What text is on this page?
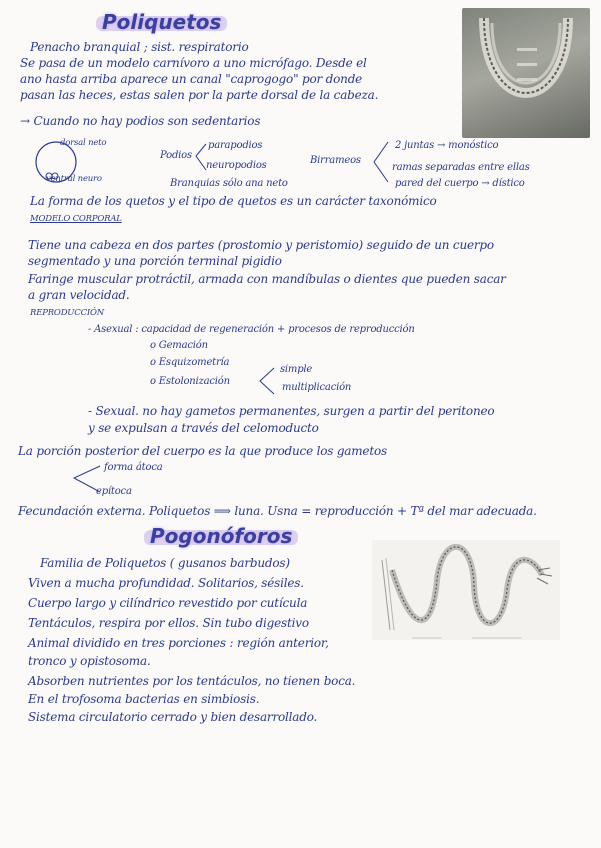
Poliquetos
Penacho branquial ; sist. respiratorio
Se pasa de un modelo carnívoro a uno micrófago. Desde el
ano hasta arriba aparece un canal "caprogogo" por donde
pasan las heces, estas salen por la parte dorsal de la cabeza.
→ Cuando no hay podios son sedentarios
dorsal neto
ventral neuro
Podios
parapodios
neuropodios
Branquias sólo ana neto
Birrameos
2 juntas → monóstico
ramas separadas entre ellas
pared del cuerpo → dístico
La forma de los quetos y el tipo de quetos es un carácter taxonómico
MODELO CORPORAL
Tiene una cabeza en dos partes (prostomio y peristomio) seguido de un cuerpo
segmentado y una porción terminal pigidio
Faringe muscular protráctil, armada con mandíbulas o dientes que pueden sacar
a gran velocidad.
REPRODUCCIÓN
- Asexual : capacidad de regeneración + procesos de reproducción
o Gemación
o Esquizometría
o Estolonización
simple
multiplicación
- Sexual. no hay gametos permanentes, surgen a partir del peritoneo
y se expulsan a través del celomoducto
La porción posterior del cuerpo es la que produce los gametos
forma átoca
epítoca
Fecundación externa. Poliquetos ⟹ luna. Usna = reproducción + Tª del mar adecuada.
Pogonóforos
Familia de Poliquetos ( gusanos barbudos)
Viven a mucha profundidad. Solitarios, sésiles.
Cuerpo largo y cilíndrico revestido por cutícula
Tentáculos, respira por ellos. Sin tubo digestivo
Animal dividido en tres porciones : región anterior,
tronco y opistosoma.
Absorben nutrientes por los tentáculos, no tienen boca.
En el trofosoma bacterias en simbiosis.
Sistema circulatorio cerrado y bien desarrollado.
